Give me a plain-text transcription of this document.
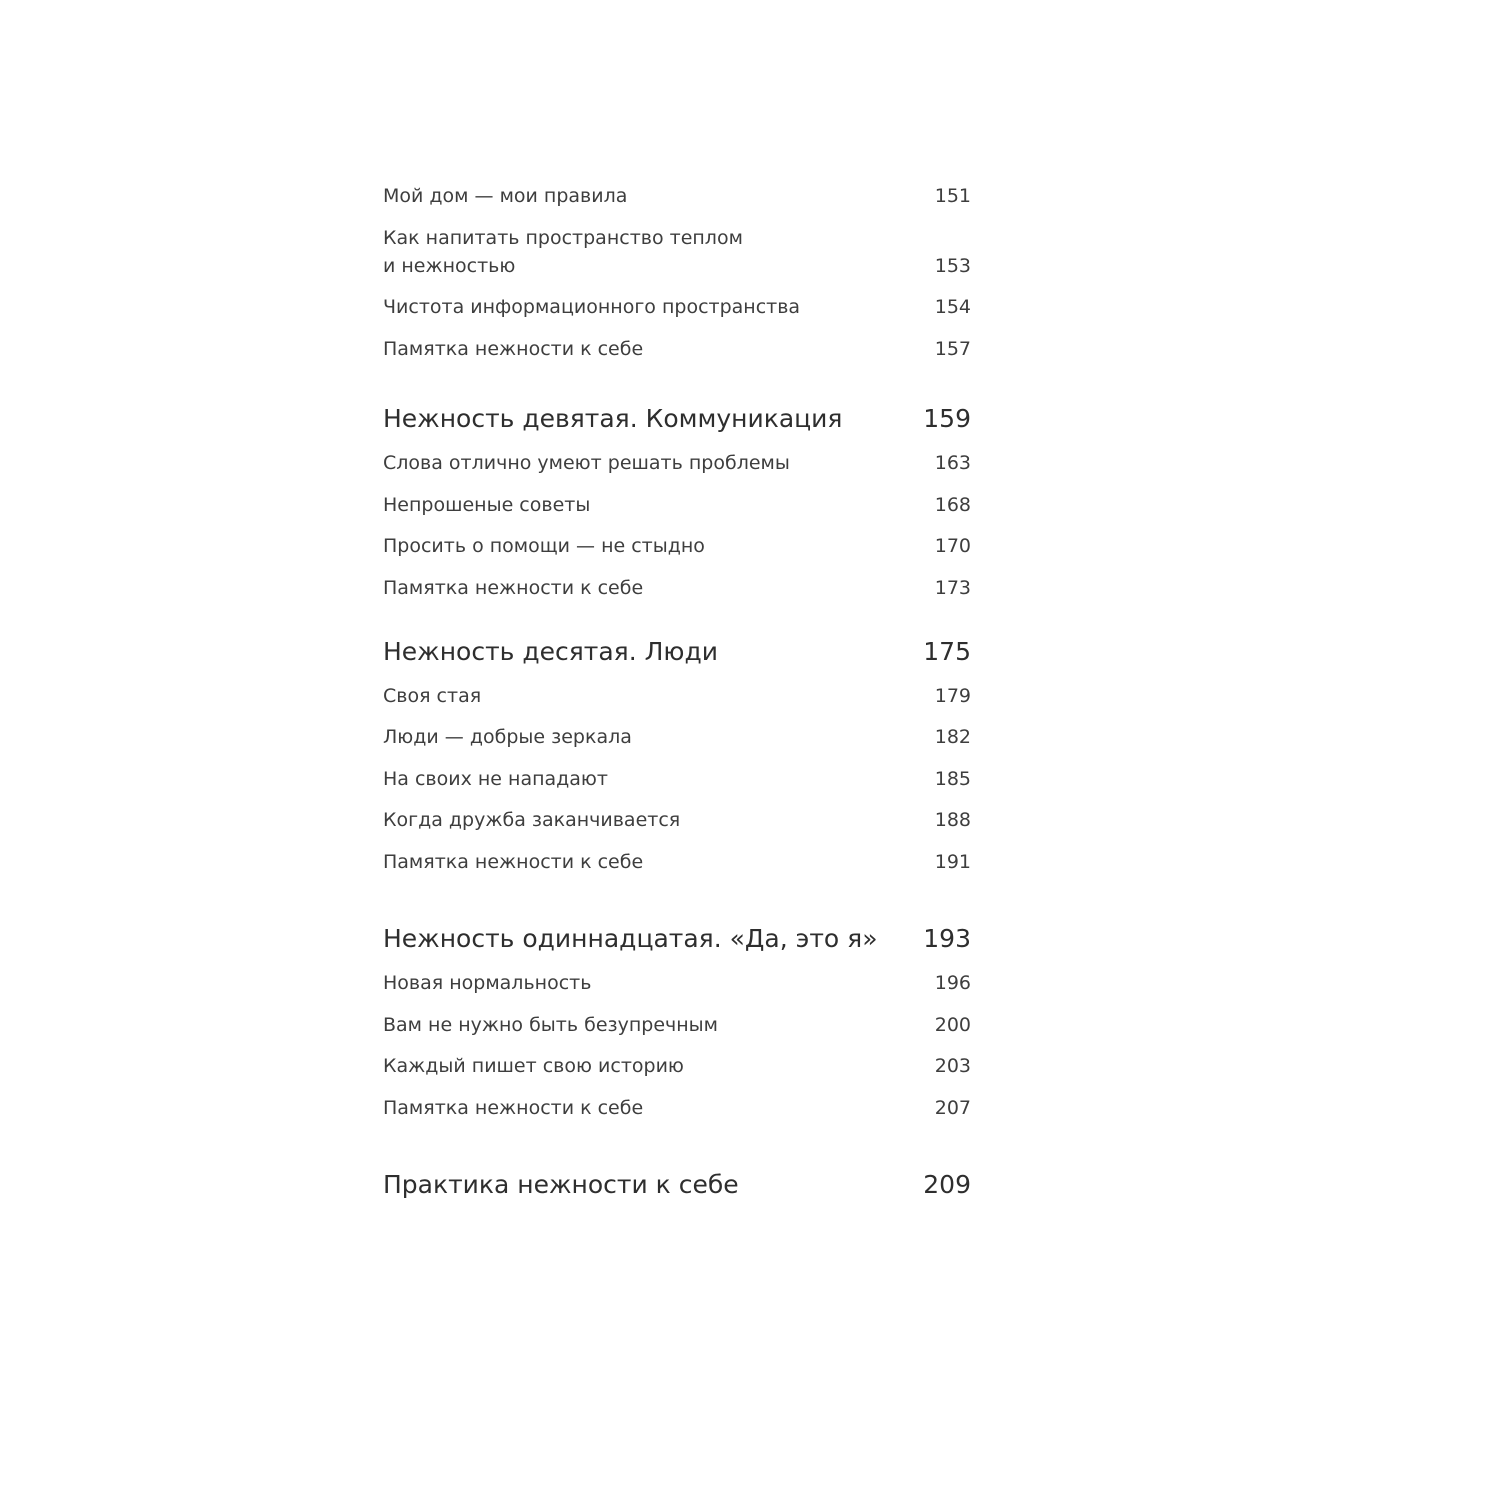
Мой дом — мои правила	151
Как напитать пространство теплом
и нежностью	153
Чистота информационного пространства	154
Памятка нежности к себе	157
Нежность девятая. Коммуникация	159
Слова отлично умеют решать проблемы	163
Непрошеные советы	168
Просить о помощи — не стыдно	170
Памятка нежности к себе	173
Нежность десятая. Люди	175
Своя стая	179
Люди — добрые зеркала	182
На своих не нападают	185
Когда дружба заканчивается	188
Памятка нежности к себе	191
Нежность одиннадцатая. «Да, это я» 193
Новая нормальность	196
Вам не нужно быть безупречным	200
Каждый пишет свою историю	203
Памятка нежности к себе	207
Практика нежности к себе	209
